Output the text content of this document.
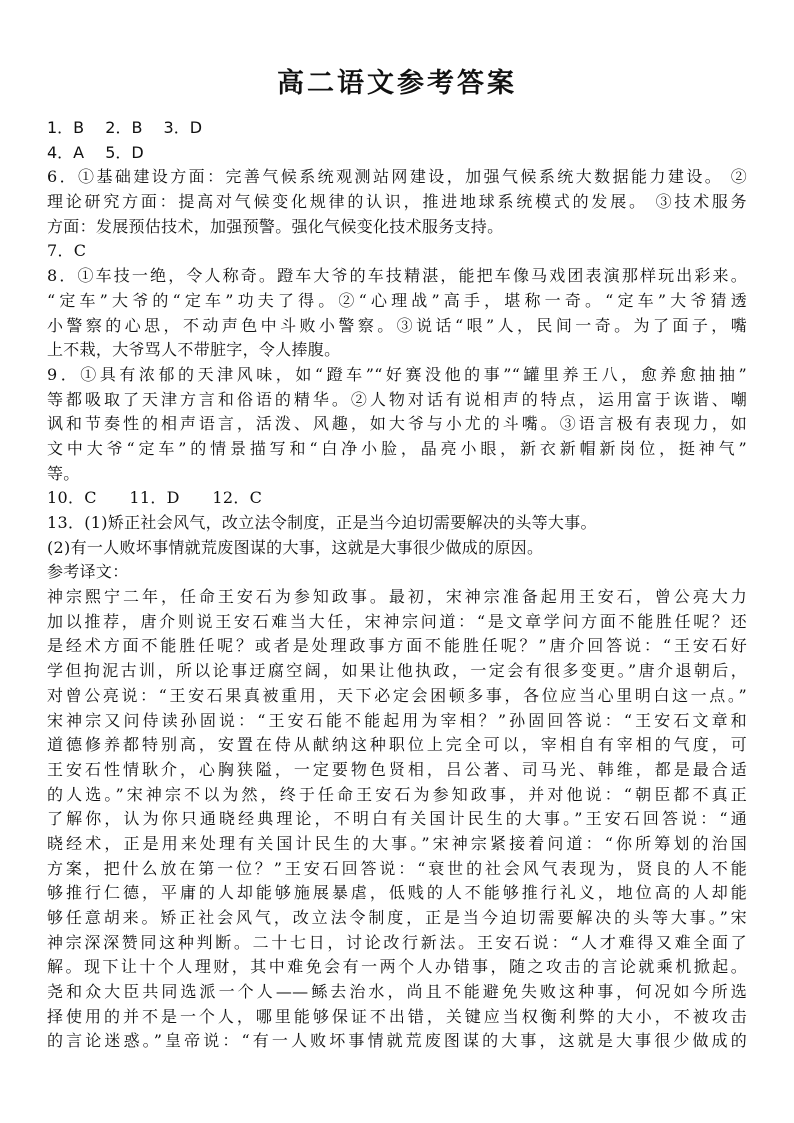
高二语文参考答案
1．B 2．B 3．D
4．A 5．D
6．①基础建设方面：完善气候系统观测站网建设，加强气候系统大数据能力建设。 ②
理论研究方面：提高对气候变化规律的认识，推进地球系统模式的发展。 ③技术服务
方面：发展预估技术，加强预警。强化气候变化技术服务支持。
7．C
8．①车技一绝，令人称奇。蹬车大爷的车技精湛，能把车像马戏团表演那样玩出彩来。
“定车”大爷的“定车”功夫了得。②“心理战”高手，堪称一奇。“定车”大爷猜透
小警察的心思，不动声色中斗败小警察。③说话“哏”人，民间一奇。为了面子，嘴
上不栽，大爷骂人不带脏字，令人捧腹。
9．①具有浓郁的天津风味，如“蹬车”“好赛没他的事”“罐里养王八，愈养愈抽抽”
等都吸取了天津方言和俗语的精华。②人物对话有说相声的特点，运用富于诙谐、嘲
讽和节奏性的相声语言，活泼、风趣，如大爷与小尤的斗嘴。③语言极有表现力，如
文中大爷“定车”的情景描写和“白净小脸，晶亮小眼，新衣新帽新岗位，挺神气”
等。
10．C　　11．D　　12．C
13．(1)矫正社会风气，改立法令制度，正是当今迫切需要解决的头等大事。
(2)有一人败坏事情就荒废图谋的大事，这就是大事很少做成的原因。
参考译文：
神宗熙宁二年，任命王安石为参知政事。最初，宋神宗准备起用王安石，曾公亮大力
加以推荐，唐介则说王安石难当大任，宋神宗问道：“是文章学问方面不能胜任呢？还
是经术方面不能胜任呢？或者是处理政事方面不能胜任呢？”唐介回答说：“王安石好
学但拘泥古训，所以论事迂腐空阔，如果让他执政，一定会有很多变更。”唐介退朝后，
对曾公亮说：“王安石果真被重用，天下必定会困顿多事，各位应当心里明白这一点。”
宋神宗又问侍读孙固说：“王安石能不能起用为宰相？”孙固回答说：“王安石文章和
道德修养都特别高，安置在侍从献纳这种职位上完全可以，宰相自有宰相的气度，可
王安石性情耿介，心胸狭隘，一定要物色贤相，吕公著、司马光、韩维，都是最合适
的人选。”宋神宗不以为然，终于任命王安石为参知政事，并对他说：“朝臣都不真正
了解你，认为你只通晓经典理论，不明白有关国计民生的大事。”王安石回答说：“通
晓经术，正是用来处理有关国计民生的大事。”宋神宗紧接着问道：“你所筹划的治国
方案，把什么放在第一位？”王安石回答说：“衰世的社会风气表现为，贤良的人不能
够推行仁德，平庸的人却能够施展暴虐，低贱的人不能够推行礼义，地位高的人却能
够任意胡来。矫正社会风气，改立法令制度，正是当今迫切需要解决的头等大事。”宋
神宗深深赞同这种判断。二十七日，讨论改行新法。王安石说：“人才难得又难全面了
解。现下让十个人理财，其中难免会有一两个人办错事，随之攻击的言论就乘机掀起。
尧和众大臣共同选派一个人——鲧去治水，尚且不能避免失败这种事，何况如今所选
择使用的并不是一个人，哪里能够保证不出错，关键应当权衡利弊的大小，不被攻击
的言论迷惑。”皇帝说：“有一人败坏事情就荒废图谋的大事，这就是大事很少做成的
